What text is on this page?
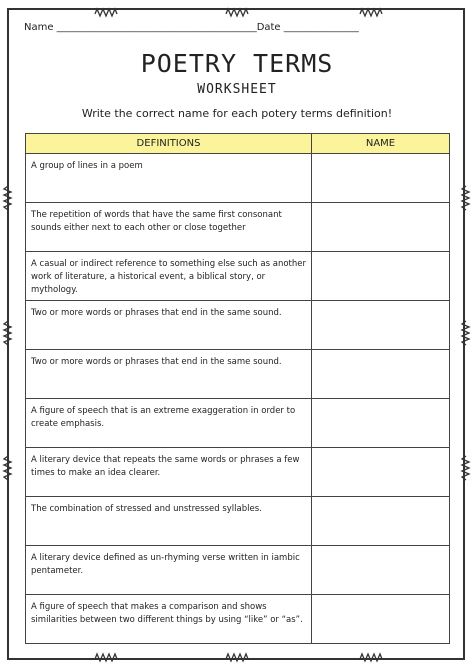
Name ________________________________________Date _______________
POETRY TERMS
WORKSHEET
Write the correct name for each potery terms definition!
DEFINITIONS	NAME
A group of lines in a poem	
The repetition of words that have the same first consonant sounds either next to each other or close together	
A casual or indirect reference to something else such as another work of literature, a historical event, a biblical story, or mythology.	
Two or more words or phrases that end in the same sound.	
Two or more words or phrases that end in the same sound.	
A figure of speech that is an extreme exaggeration in order to create emphasis.	
A literary device that repeats the same words or phrases a few times to make an idea clearer.	
The combination of stressed and unstressed syllables.	
A literary device defined as un-rhyming verse written in iambic pentameter.	
A figure of speech that makes a comparison and shows similarities between two different things by using “like” or “as”.	
